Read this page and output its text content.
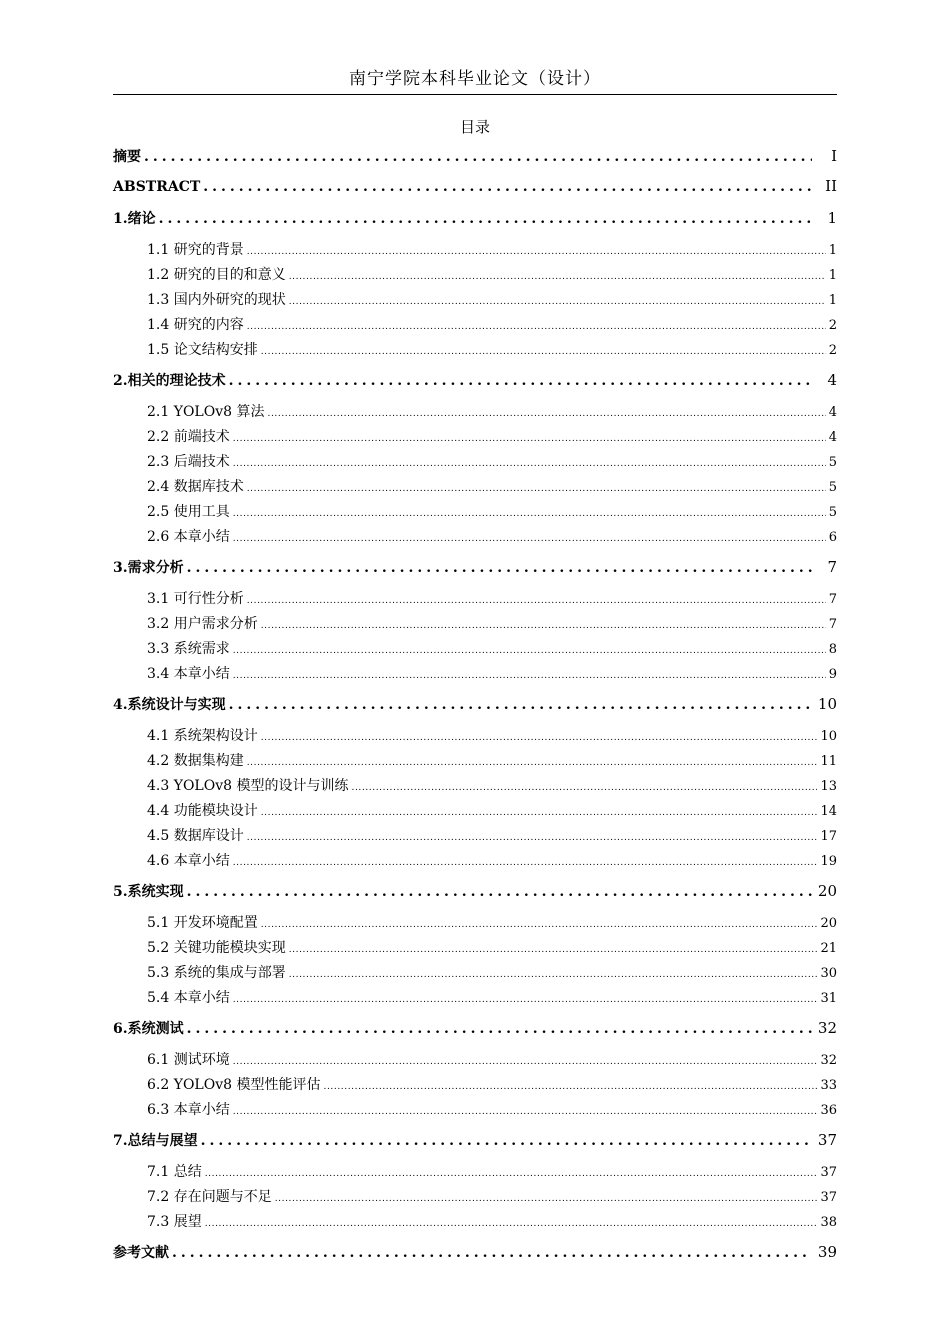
南宁学院本科毕业论文（设计）
目录
摘要 .....	I
ABSTRACT .....	II
1.绪论 .....	1
1.1 研究的背景 .....	1
1.2 研究的目的和意义 .....	1
1.3 国内外研究的现状 .....	1
1.4 研究的内容 .....	2
1.5 论文结构安排 .....	2
2.相关的理论技术 .....	4
2.1 YOLOv8 算法 .....	4
2.2 前端技术 .....	4
2.3 后端技术 .....	5
2.4 数据库技术 .....	5
2.5 使用工具 .....	5
2.6 本章小结 .....	6
3.需求分析 .....	7
3.1 可行性分析 .....	7
3.2 用户需求分析 .....	7
3.3 系统需求 .....	8
3.4 本章小结 .....	9
4.系统设计与实现 .....	10
4.1 系统架构设计 .....	10
4.2 数据集构建 .....	11
4.3 YOLOv8 模型的设计与训练 .....	13
4.4 功能模块设计 .....	14
4.5 数据库设计 .....	17
4.6 本章小结 .....	19
5.系统实现 .....	20
5.1 开发环境配置 .....	20
5.2 关键功能模块实现 .....	21
5.3 系统的集成与部署 .....	30
5.4 本章小结 .....	31
6.系统测试 .....	32
6.1 测试环境 .....	32
6.2 YOLOv8 模型性能评估 .....	33
6.3 本章小结 .....	36
7.总结与展望 .....	37
7.1 总结 .....	37
7.2 存在问题与不足 .....	37
7.3 展望 .....	38
参考文献 .....	39
